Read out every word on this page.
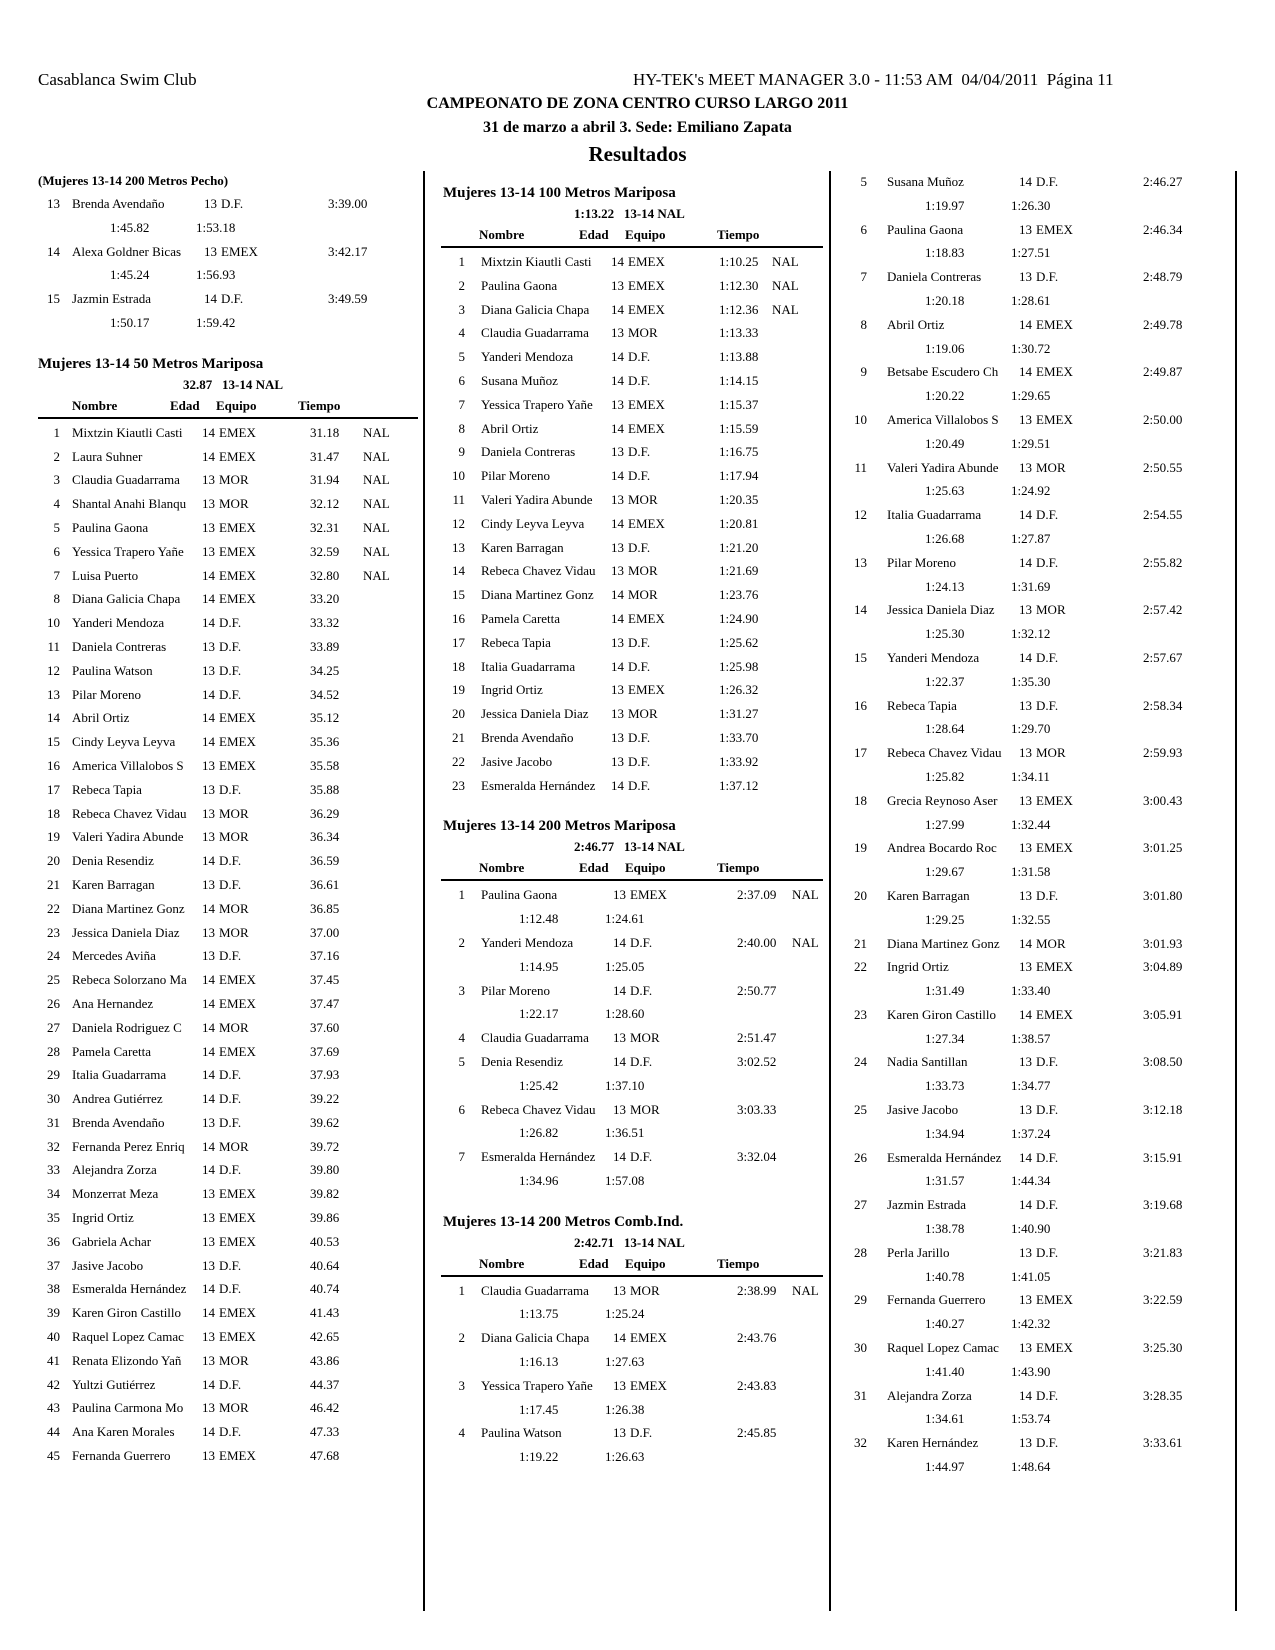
Casablanca Swim Club	HY-TEK's MEET MANAGER 3.0 - 11:53 AM  04/04/2011  Página 11
CAMPEONATO DE ZONA CENTRO CURSO LARGO 2011
31 de marzo a abril 3. Sede: Emiliano Zapata
Resultados
(Mujeres 13-14 200 Metros Pecho)
13 Brenda Avendaño	13 D.F.	3:39.00
1:45.82	1:53.18
14 Alexa Goldner Bicas	13 EMEX	3:42.17
1:45.24	1:56.93
15 Jazmin Estrada	14 D.F.	3:49.59
1:50.17	1:59.42
Mujeres 13-14 50 Metros Mariposa
32.87   13-14 NAL
Nombre	Edad Equipo	Tiempo
1 Mixtzin Kiautli Casti	14 EMEX	31.18 NAL
2 Laura Suhner	14 EMEX	31.47 NAL
3 Claudia Guadarrama	13 MOR	31.94 NAL
4 Shantal Anahi Blanqu	13 MOR	32.12 NAL
5 Paulina Gaona	13 EMEX	32.31 NAL
6 Yessica Trapero Yañe	13 EMEX	32.59 NAL
7 Luisa Puerto	14 EMEX	32.80 NAL
8 Diana Galicia Chapa	14 EMEX	33.20
10 Yanderi Mendoza	14 D.F.	33.32
11 Daniela Contreras	13 D.F.	33.89
12 Paulina Watson	13 D.F.	34.25
13 Pilar Moreno	14 D.F.	34.52
14 Abril Ortiz	14 EMEX	35.12
15 Cindy Leyva Leyva	14 EMEX	35.36
16 America Villalobos S	13 EMEX	35.58
17 Rebeca Tapia	13 D.F.	35.88
18 Rebeca Chavez Vidau	13 MOR	36.29
19 Valeri Yadira Abunde	13 MOR	36.34
20 Denia Resendiz	14 D.F.	36.59
21 Karen Barragan	13 D.F.	36.61
22 Diana Martinez Gonz	14 MOR	36.85
23 Jessica Daniela Diaz	13 MOR	37.00
24 Mercedes Aviña	13 D.F.	37.16
25 Rebeca Solorzano Ma	14 EMEX	37.45
26 Ana Hernandez	14 EMEX	37.47
27 Daniela Rodriguez C	14 MOR	37.60
28 Pamela Caretta	14 EMEX	37.69
29 Italia Guadarrama	14 D.F.	37.93
30 Andrea Gutiérrez	14 D.F.	39.22
31 Brenda Avendaño	13 D.F.	39.62
32 Fernanda Perez Enriq	14 MOR	39.72
33 Alejandra Zorza	14 D.F.	39.80
34 Monzerrat Meza	13 EMEX	39.82
35 Ingrid Ortiz	13 EMEX	39.86
36 Gabriela Achar	13 EMEX	40.53
37 Jasive Jacobo	13 D.F.	40.64
38 Esmeralda Hernández	14 D.F.	40.74
39 Karen Giron Castillo	14 EMEX	41.43
40 Raquel Lopez Camac	13 EMEX	42.65
41 Renata Elizondo Yañ	13 MOR	43.86
42 Yultzi Gutiérrez	14 D.F.	44.37
43 Paulina Carmona Mo	13 MOR	46.42
44 Ana Karen Morales	14 D.F.	47.33
45 Fernanda Guerrero	13 EMEX	47.68
Mujeres 13-14 100 Metros Mariposa
1:13.22   13-14 NAL
Nombre	Edad Equipo	Tiempo
1 Mixtzin Kiautli Casti	14 EMEX	1:10.25 NAL
2 Paulina Gaona	13 EMEX	1:12.30 NAL
3 Diana Galicia Chapa	14 EMEX	1:12.36 NAL
4 Claudia Guadarrama	13 MOR	1:13.33
5 Yanderi Mendoza	14 D.F.	1:13.88
6 Susana Muñoz	14 D.F.	1:14.15
7 Yessica Trapero Yañe	13 EMEX	1:15.37
8 Abril Ortiz	14 EMEX	1:15.59
9 Daniela Contreras	13 D.F.	1:16.75
10 Pilar Moreno	14 D.F.	1:17.94
11 Valeri Yadira Abunde	13 MOR	1:20.35
12 Cindy Leyva Leyva	14 EMEX	1:20.81
13 Karen Barragan	13 D.F.	1:21.20
14 Rebeca Chavez Vidau	13 MOR	1:21.69
15 Diana Martinez Gonz	14 MOR	1:23.76
16 Pamela Caretta	14 EMEX	1:24.90
17 Rebeca Tapia	13 D.F.	1:25.62
18 Italia Guadarrama	14 D.F.	1:25.98
19 Ingrid Ortiz	13 EMEX	1:26.32
20 Jessica Daniela Diaz	13 MOR	1:31.27
21 Brenda Avendaño	13 D.F.	1:33.70
22 Jasive Jacobo	13 D.F.	1:33.92
23 Esmeralda Hernández	14 D.F.	1:37.12
Mujeres 13-14 200 Metros Mariposa
2:46.77   13-14 NAL
Nombre	Edad Equipo	Tiempo
1 Paulina Gaona	13 EMEX	2:37.09 NAL
1:12.48	1:24.61
2 Yanderi Mendoza	14 D.F.	2:40.00 NAL
1:14.95	1:25.05
3 Pilar Moreno	14 D.F.	2:50.77
1:22.17	1:28.60
4 Claudia Guadarrama	13 MOR	2:51.47
5 Denia Resendiz	14 D.F.	3:02.52
1:25.42	1:37.10
6 Rebeca Chavez Vidau	13 MOR	3:03.33
1:26.82	1:36.51
7 Esmeralda Hernández	14 D.F.	3:32.04
1:34.96	1:57.08
Mujeres 13-14 200 Metros Comb.Ind.
2:42.71   13-14 NAL
Nombre	Edad Equipo	Tiempo
1 Claudia Guadarrama	13 MOR	2:38.99 NAL
1:13.75	1:25.24
2 Diana Galicia Chapa	14 EMEX	2:43.76
1:16.13	1:27.63
3 Yessica Trapero Yañe	13 EMEX	2:43.83
1:17.45	1:26.38
4 Paulina Watson	13 D.F.	2:45.85
1:19.22	1:26.63
5 Susana Muñoz	14 D.F.	2:46.27
1:19.97	1:26.30
6 Paulina Gaona	13 EMEX	2:46.34
1:18.83	1:27.51
7 Daniela Contreras	13 D.F.	2:48.79
1:20.18	1:28.61
8 Abril Ortiz	14 EMEX	2:49.78
1:19.06	1:30.72
9 Betsabe Escudero Ch	14 EMEX	2:49.87
1:20.22	1:29.65
10 America Villalobos S	13 EMEX	2:50.00
1:20.49	1:29.51
11 Valeri Yadira Abunde	13 MOR	2:50.55
1:25.63	1:24.92
12 Italia Guadarrama	14 D.F.	2:54.55
1:26.68	1:27.87
13 Pilar Moreno	14 D.F.	2:55.82
1:24.13	1:31.69
14 Jessica Daniela Diaz	13 MOR	2:57.42
1:25.30	1:32.12
15 Yanderi Mendoza	14 D.F.	2:57.67
1:22.37	1:35.30
16 Rebeca Tapia	13 D.F.	2:58.34
1:28.64	1:29.70
17 Rebeca Chavez Vidau	13 MOR	2:59.93
1:25.82	1:34.11
18 Grecia Reynoso Aser	13 EMEX	3:00.43
1:27.99	1:32.44
19 Andrea Bocardo Roc	13 EMEX	3:01.25
1:29.67	1:31.58
20 Karen Barragan	13 D.F.	3:01.80
1:29.25	1:32.55
21 Diana Martinez Gonz	14 MOR	3:01.93
22 Ingrid Ortiz	13 EMEX	3:04.89
1:31.49	1:33.40
23 Karen Giron Castillo	14 EMEX	3:05.91
1:27.34	1:38.57
24 Nadia Santillan	13 D.F.	3:08.50
1:33.73	1:34.77
25 Jasive Jacobo	13 D.F.	3:12.18
1:34.94	1:37.24
26 Esmeralda Hernández	14 D.F.	3:15.91
1:31.57	1:44.34
27 Jazmin Estrada	14 D.F.	3:19.68
1:38.78	1:40.90
28 Perla Jarillo	13 D.F.	3:21.83
1:40.78	1:41.05
29 Fernanda Guerrero	13 EMEX	3:22.59
1:40.27	1:42.32
30 Raquel Lopez Camac	13 EMEX	3:25.30
1:41.40	1:43.90
31 Alejandra Zorza	14 D.F.	3:28.35
1:34.61	1:53.74
32 Karen Hernández	13 D.F.	3:33.61
1:44.97	1:48.64
